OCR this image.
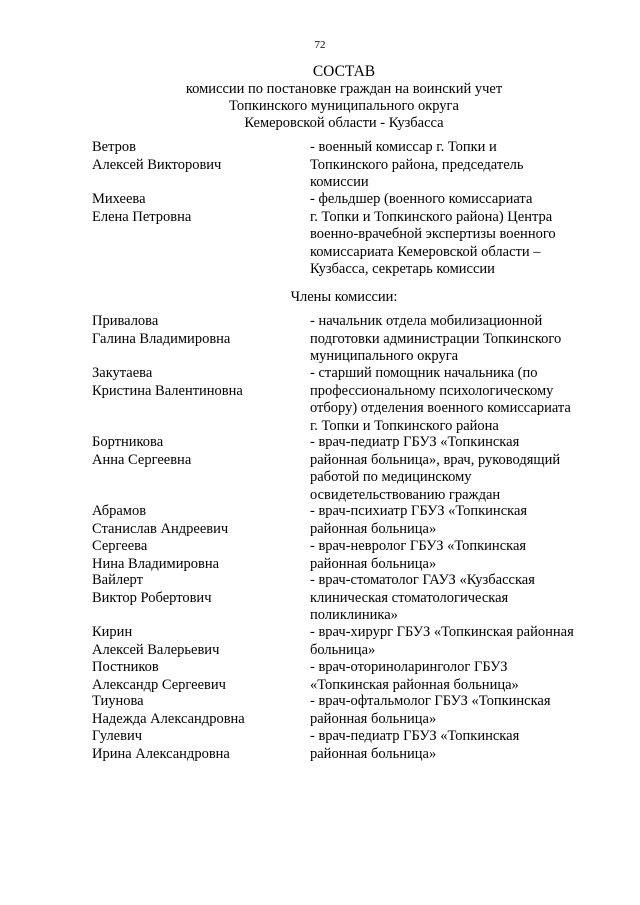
72
СОСТАВ
комиссии по постановке граждан на воинский учет
Топкинского муниципального округа
Кемеровской области - Кузбасса
Ветров
Алексей Викторович
- военный комиссар г. Топки и
Топкинского района, председатель
комиссии
Михеева
Елена Петровна
- фельдшер (военного комиссариата
г. Топки и Топкинского района) Центра
военно-врачебной экспертизы военного
комиссариата Кемеровской области –
Кузбасса, секретарь комиссии
Члены комиссии:
Привалова
Галина Владимировна
- начальник отдела мобилизационной
подготовки администрации Топкинского
муниципального округа
Закутаева
Кристина Валентиновна
- старший помощник начальника (по
профессиональному психологическому
отбору) отделения военного комиссариата
г. Топки и Топкинского района
Бортникова
Анна Сергеевна
- врач-педиатр ГБУЗ «Топкинская
районная больница», врач, руководящий
работой по медицинскому
освидетельствованию граждан
Абрамов
Станислав Андреевич
- врач-психиатр ГБУЗ «Топкинская
районная больница»
Сергеева
Нина Владимировна
- врач-невролог ГБУЗ «Топкинская
районная больница»
Вайлерт
Виктор Робертович
- врач-стоматолог ГАУЗ «Кузбасская
клиническая стоматологическая
поликлиника»
Кирин
Алексей Валерьевич
- врач-хирург ГБУЗ «Топкинская районная
больница»
Постников
Александр Сергеевич
- врач-оториноларинголог ГБУЗ
«Топкинская районная больница»
Тиунова
Надежда Александровна
- врач-офтальмолог ГБУЗ «Топкинская
районная больница»
Гулевич
Ирина Александровна
- врач-педиатр ГБУЗ «Топкинская
районная больница»
